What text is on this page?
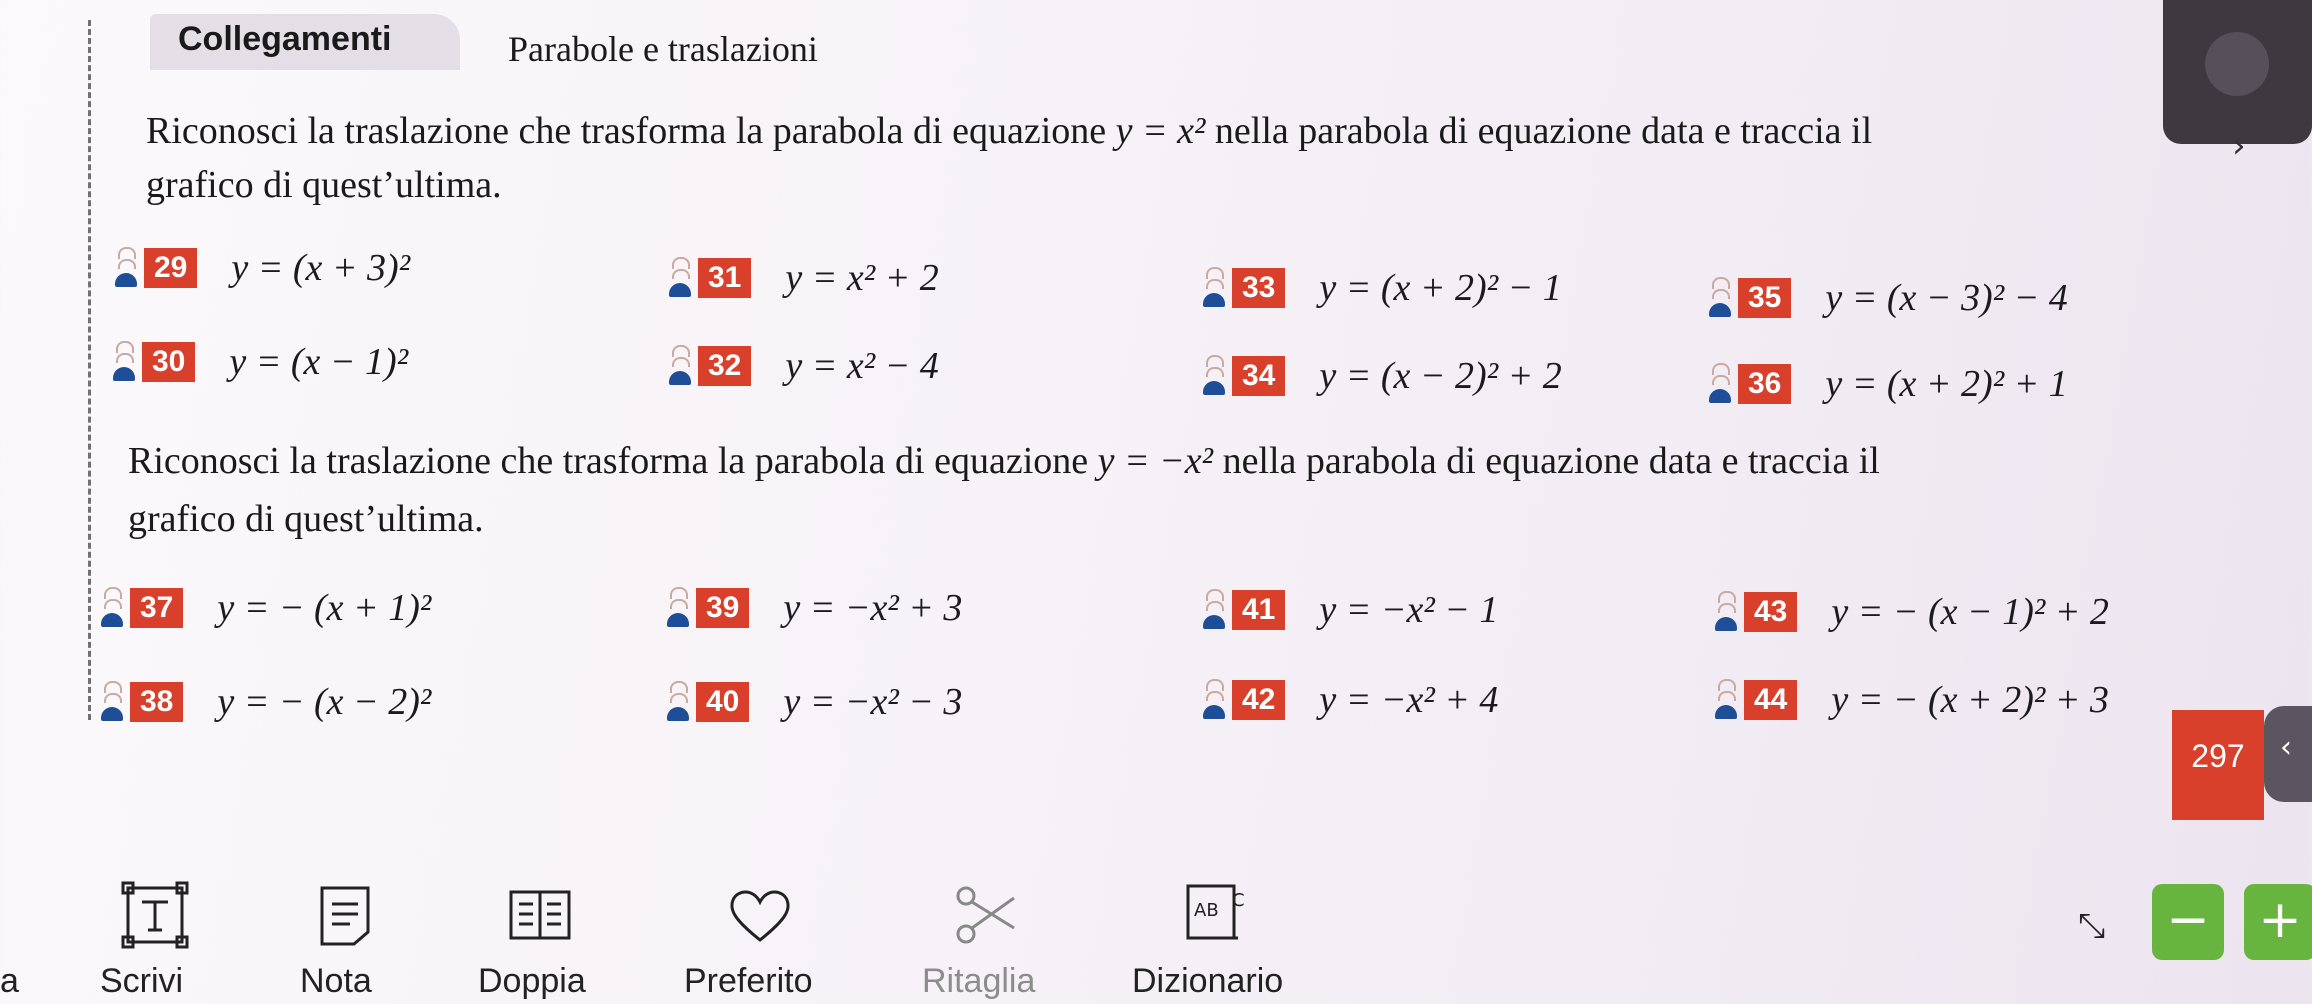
›
Collegamenti	Parabole e traslazioni
Riconosci la traslazione che trasforma la parabola di equazione y = x² nella parabola di equazione data e traccia il
grafico di quest’ultima.
29 y = (x + 3)²	31 y = x² + 2	33 y = (x + 2)² − 1	35 y = (x − 3)² − 4
30 y = (x − 1)²	32 y = x² − 4	34 y = (x − 2)² + 2	36 y = (x + 2)² + 1
Riconosci la traslazione che trasforma la parabola di equazione y = −x² nella parabola di equazione data e traccia il
grafico di quest’ultima.
37 y = − (x + 1)²	39 y = −x² + 3	41 y = −x² − 1	43 y = − (x − 1)² + 2
38 y = − (x − 2)²	40 y = −x² − 3	42 y = −x² + 4	44 y = − (x + 2)² + 3
297	‹
Scrivi
a	Nota	Doppia	Preferito	Ritaglia
AB C
Dizionario
⤡ − +
